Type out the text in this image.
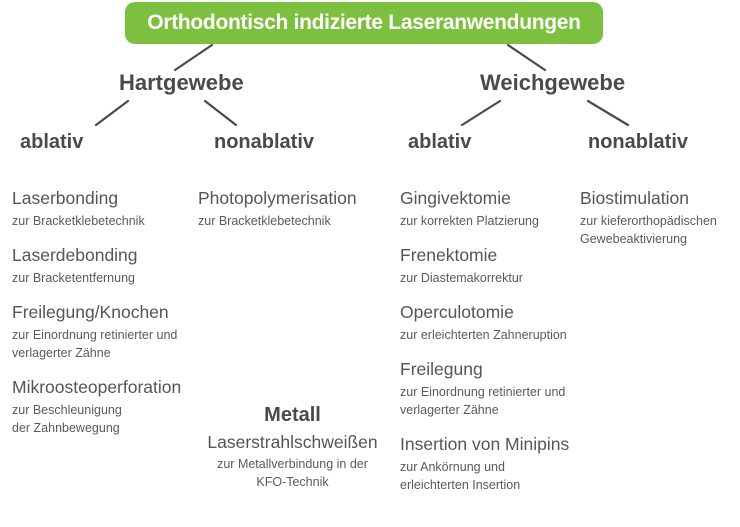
Orthodontisch indizierte Laseranwendungen
Hartgewebe	Weichgewebe
ablativ	nonablativ	ablativ	nonablativ
Laserbonding
zur Bracketklebetechnik
Laserdebonding
zur Bracketentfernung
Freilegung/Knochen
zur Einordnung retinierter und verlagerter Zähne
Mikroosteoperforation
zur Beschleunigung der Zahnbewegung
Photopolymerisation
zur Bracketklebetechnik
Gingivektomie
zur korrekten Platzierung
Frenektomie
zur Diastemakorrektur
Operculotomie
zur erleichterten Zahneruption
Freilegung
zur Einordnung retinierter und verlagerter Zähne
Insertion von Minipins
zur Ankörnung und erleichterten Insertion
Biostimulation
zur kieferorthopädischen Gewebeaktivierung
Metall
Laserstrahlschweißen
zur Metallverbindung in der KFO-Technik
